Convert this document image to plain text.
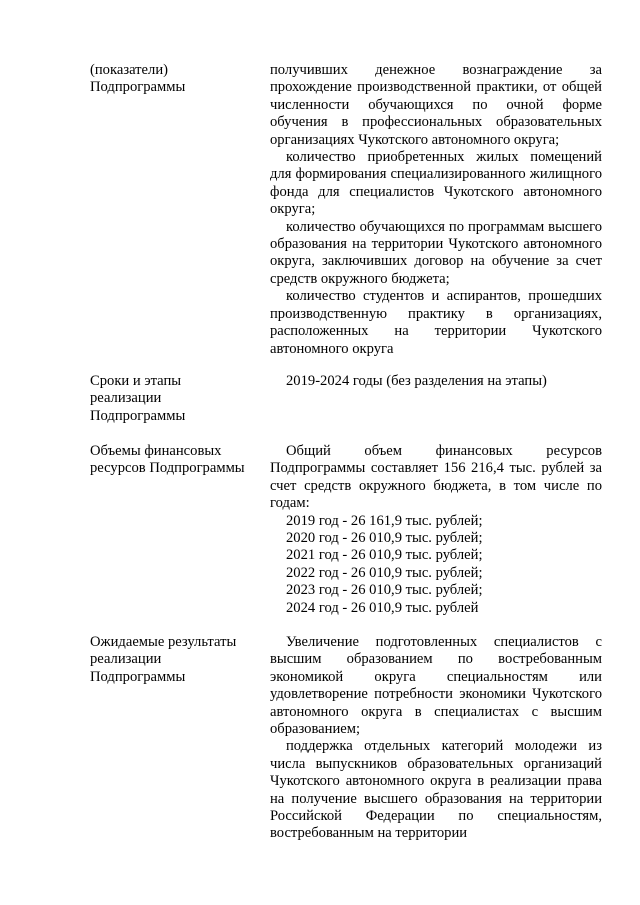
(показатели)

Подпрограммы

получивших денежное вознаграждение за прохождение производственной практики, от общей численности обучающихся по очной форме обучения в профессиональных образовательных организациях Чукотского автономного округа;

количество приобретенных жилых помещений для формирования специализированного жилищного фонда для специалистов Чукотского автономного округа;

количество обучающихся по программам высшего образования на территории Чукотского автономного округа, заключивших договор на обучение за счет средств окружного бюджета;

количество студентов и аспирантов, прошедших производственную практику в организациях, расположенных на территории Чукотского автономного округа

Сроки и этапы

реализации

Подпрограммы

2019-2024 годы (без разделения на этапы)

Объемы финансовых

ресурсов Подпрограммы

Общий объем финансовых ресурсов Подпрограммы составляет 156 216,4 тыс. рублей за счет средств окружного бюджета, в том числе по годам:

2019 год - 26 161,9 тыс. рублей;

2020 год - 26 010,9 тыс. рублей;

2021 год - 26 010,9 тыс. рублей;

2022 год - 26 010,9 тыс. рублей;

2023 год - 26 010,9 тыс. рублей;

2024 год - 26 010,9 тыс. рублей

Ожидаемые результаты

реализации

Подпрограммы

Увеличение подготовленных специалистов с высшим образованием по востребованным экономикой округа специальностям или удовлетворение потребности экономики Чукотского автономного округа в специалистах с высшим образованием;

поддержка отдельных категорий молодежи из числа выпускников образовательных организаций Чукотского автономного округа в реализации права на получение высшего образования на территории Российской Федерации по специальностям, востребованным на территории
